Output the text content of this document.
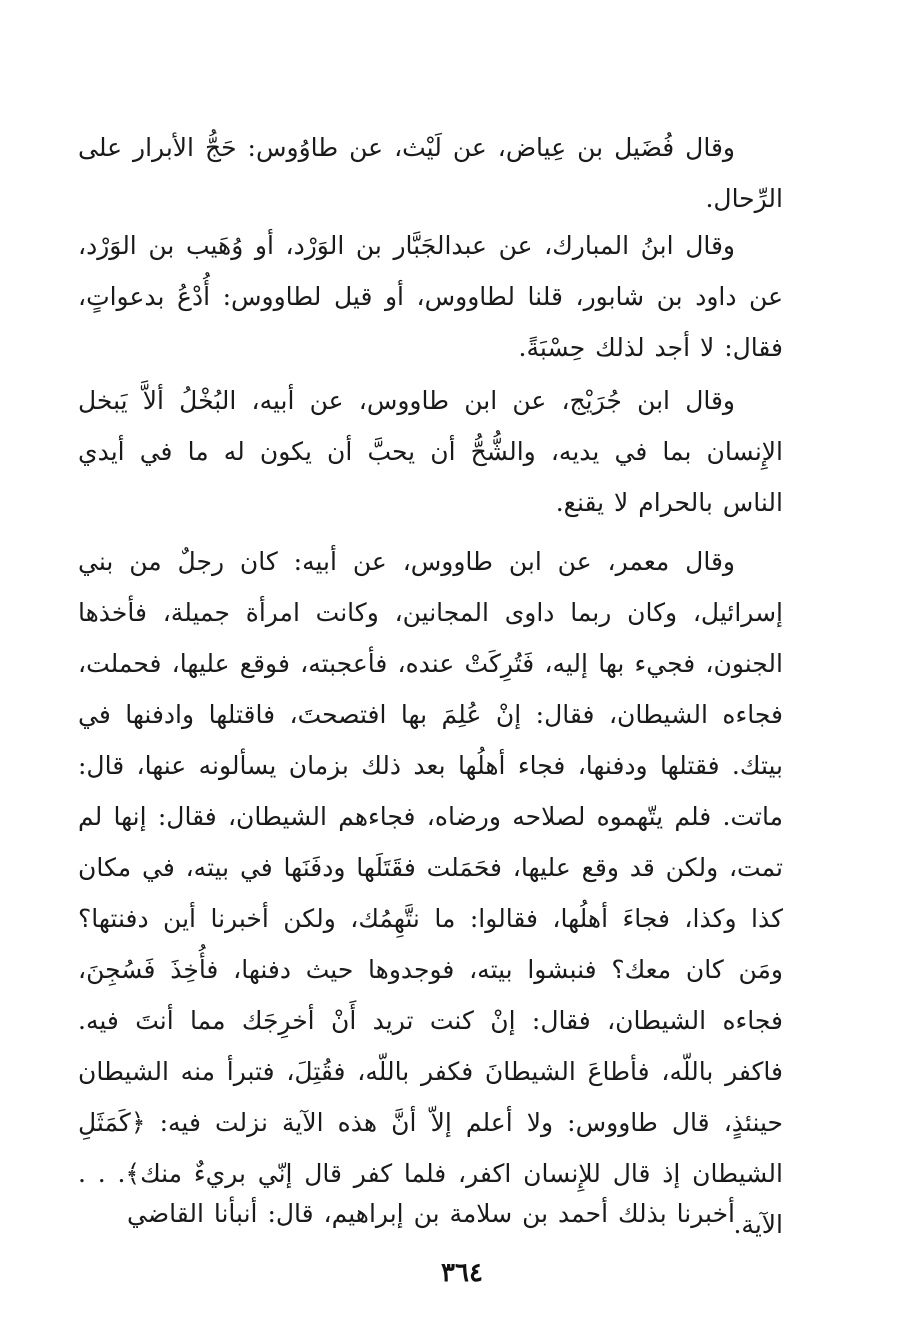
وقال فُضَيل بن عِياض، عن لَيْث، عن طاوُوس: حَجُّ الأبرار على الرِّحال.

وقال ابنُ المبارك، عن عبدالجَبَّار بن الوَرْد، أو وُهَيب بن الوَرْد، عن داود بن شابور، قلنا لطاووس، أو قيل لطاووس: أُدْعُ بدعواتٍ، فقال: لا أجد لذلك حِسْبَةً.

وقال ابن جُرَيْج، عن ابن طاووس، عن أبيه، البُخْلُ ألاَّ يَبخل الإِنسان بما في يديه، والشُّحُّ أن يحبَّ أن يكون له ما في أيدي الناس بالحرام لا يقنع.

وقال معمر، عن ابن طاووس، عن أبيه: كان رجلٌ من بني إسرائيل، وكان ربما داوى المجانين، وكانت امرأة جميلة، فأخذها الجنون، فجيء بها إليه، فَتُرِكَتْ عنده، فأعجبته، فوقع عليها، فحملت، فجاءه الشيطان، فقال: إنْ عُلِمَ بها افتصحتَ، فاقتلها وادفنها في بيتك. فقتلها ودفنها، فجاء أهلُها بعد ذلك بزمان يسألونه عنها، قال: ماتت. فلم يتّهموه لصلاحه ورضاه، فجاءهم الشيطان، فقال: إنها لم تمت، ولكن قد وقع عليها، فحَمَلت فقَتَلَها ودفَنَها في بيته، في مكان كذا وكذا، فجاءَ أهلُها، فقالوا: ما نتَّهِمُك، ولكن أخبرنا أين دفنتها؟ ومَن كان معك؟ فنبشوا بيته، فوجدوها حيث دفنها، فأُخِذَ فَسُجِنَ، فجاءه الشيطان، فقال: إنْ كنت تريد أَنْ أخرِجَك مما أنتَ فيه. فاكفر باللّه، فأطاعَ الشيطانَ فكفر باللّه، فقُتِلَ، فتبرأ منه الشيطان حينئذٍ، قال طاووس: ولا أعلم إلاّ أنَّ هذه الآية نزلت فيه: ﴿كَمَثَلِ الشيطان إذ قال للإِنسان اكفر، فلما كفر قال إنّي بريءٌ منك﴾. . . الآية.

أخبرنا بذلك أحمد بن سلامة بن إبراهيم، قال: أنبأنا القاضي

٣٦٤
